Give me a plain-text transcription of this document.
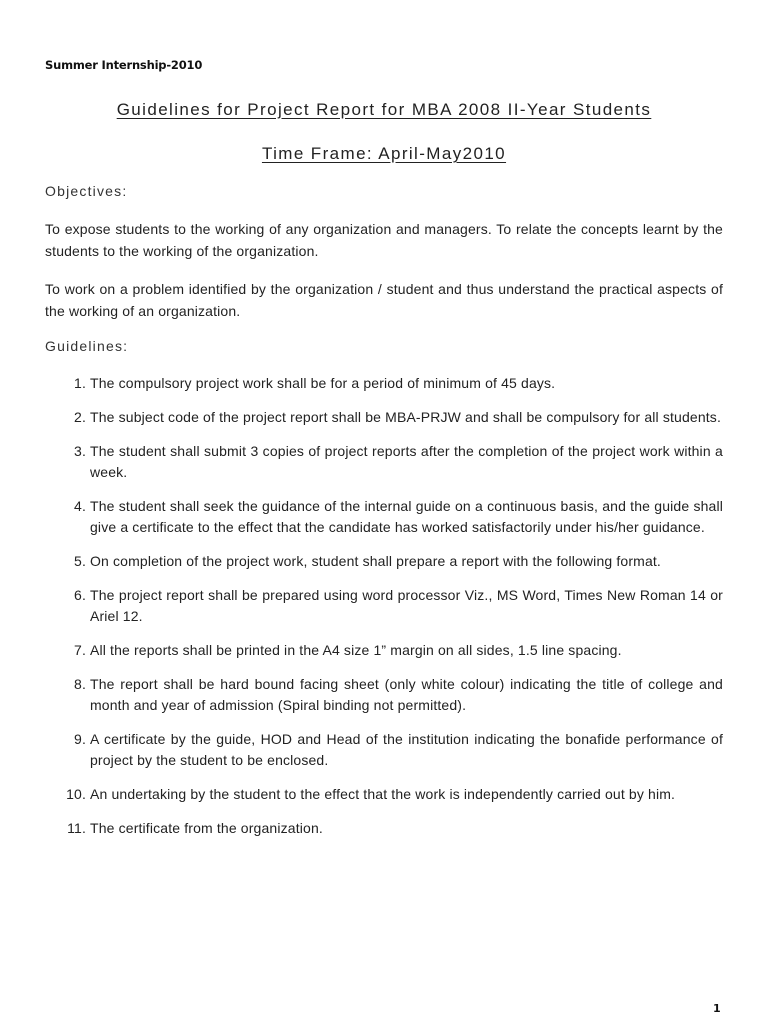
Summer Internship-2010
Guidelines for Project Report for MBA 2008 II-Year Students
Time Frame: April-May2010
Objectives:
To expose students to the working of any organization and managers. To relate the concepts learnt by the students to the working of the organization.
To work on a problem identified by the organization / student and thus understand the practical aspects of the working of an organization.
Guidelines:
1. The compulsory project work shall be for a period of minimum of 45 days.
2. The subject code of the project report shall be MBA-PRJW and shall be compulsory for all students.
3. The student shall submit 3 copies of project reports after the completion of the project work within a week.
4. The student shall seek the guidance of the internal guide on a continuous basis, and the guide shall give a certificate to the effect that the candidate has worked satisfactorily under his/her guidance.
5. On completion of the project work, student shall prepare a report with the following format.
6. The project report shall be prepared using word processor Viz., MS Word, Times New Roman 14 or Ariel 12.
7. All the reports shall be printed in the A4 size 1” margin on all sides, 1.5 line spacing.
8. The report shall be hard bound facing sheet (only white colour) indicating the title of college and month and year of admission (Spiral binding not permitted).
9. A certificate by the guide, HOD and Head of the institution indicating the bonafide performance of project by the student to be enclosed.
10. An undertaking by the student to the effect that the work is independently carried out by him.
11. The certificate from the organization.
1
